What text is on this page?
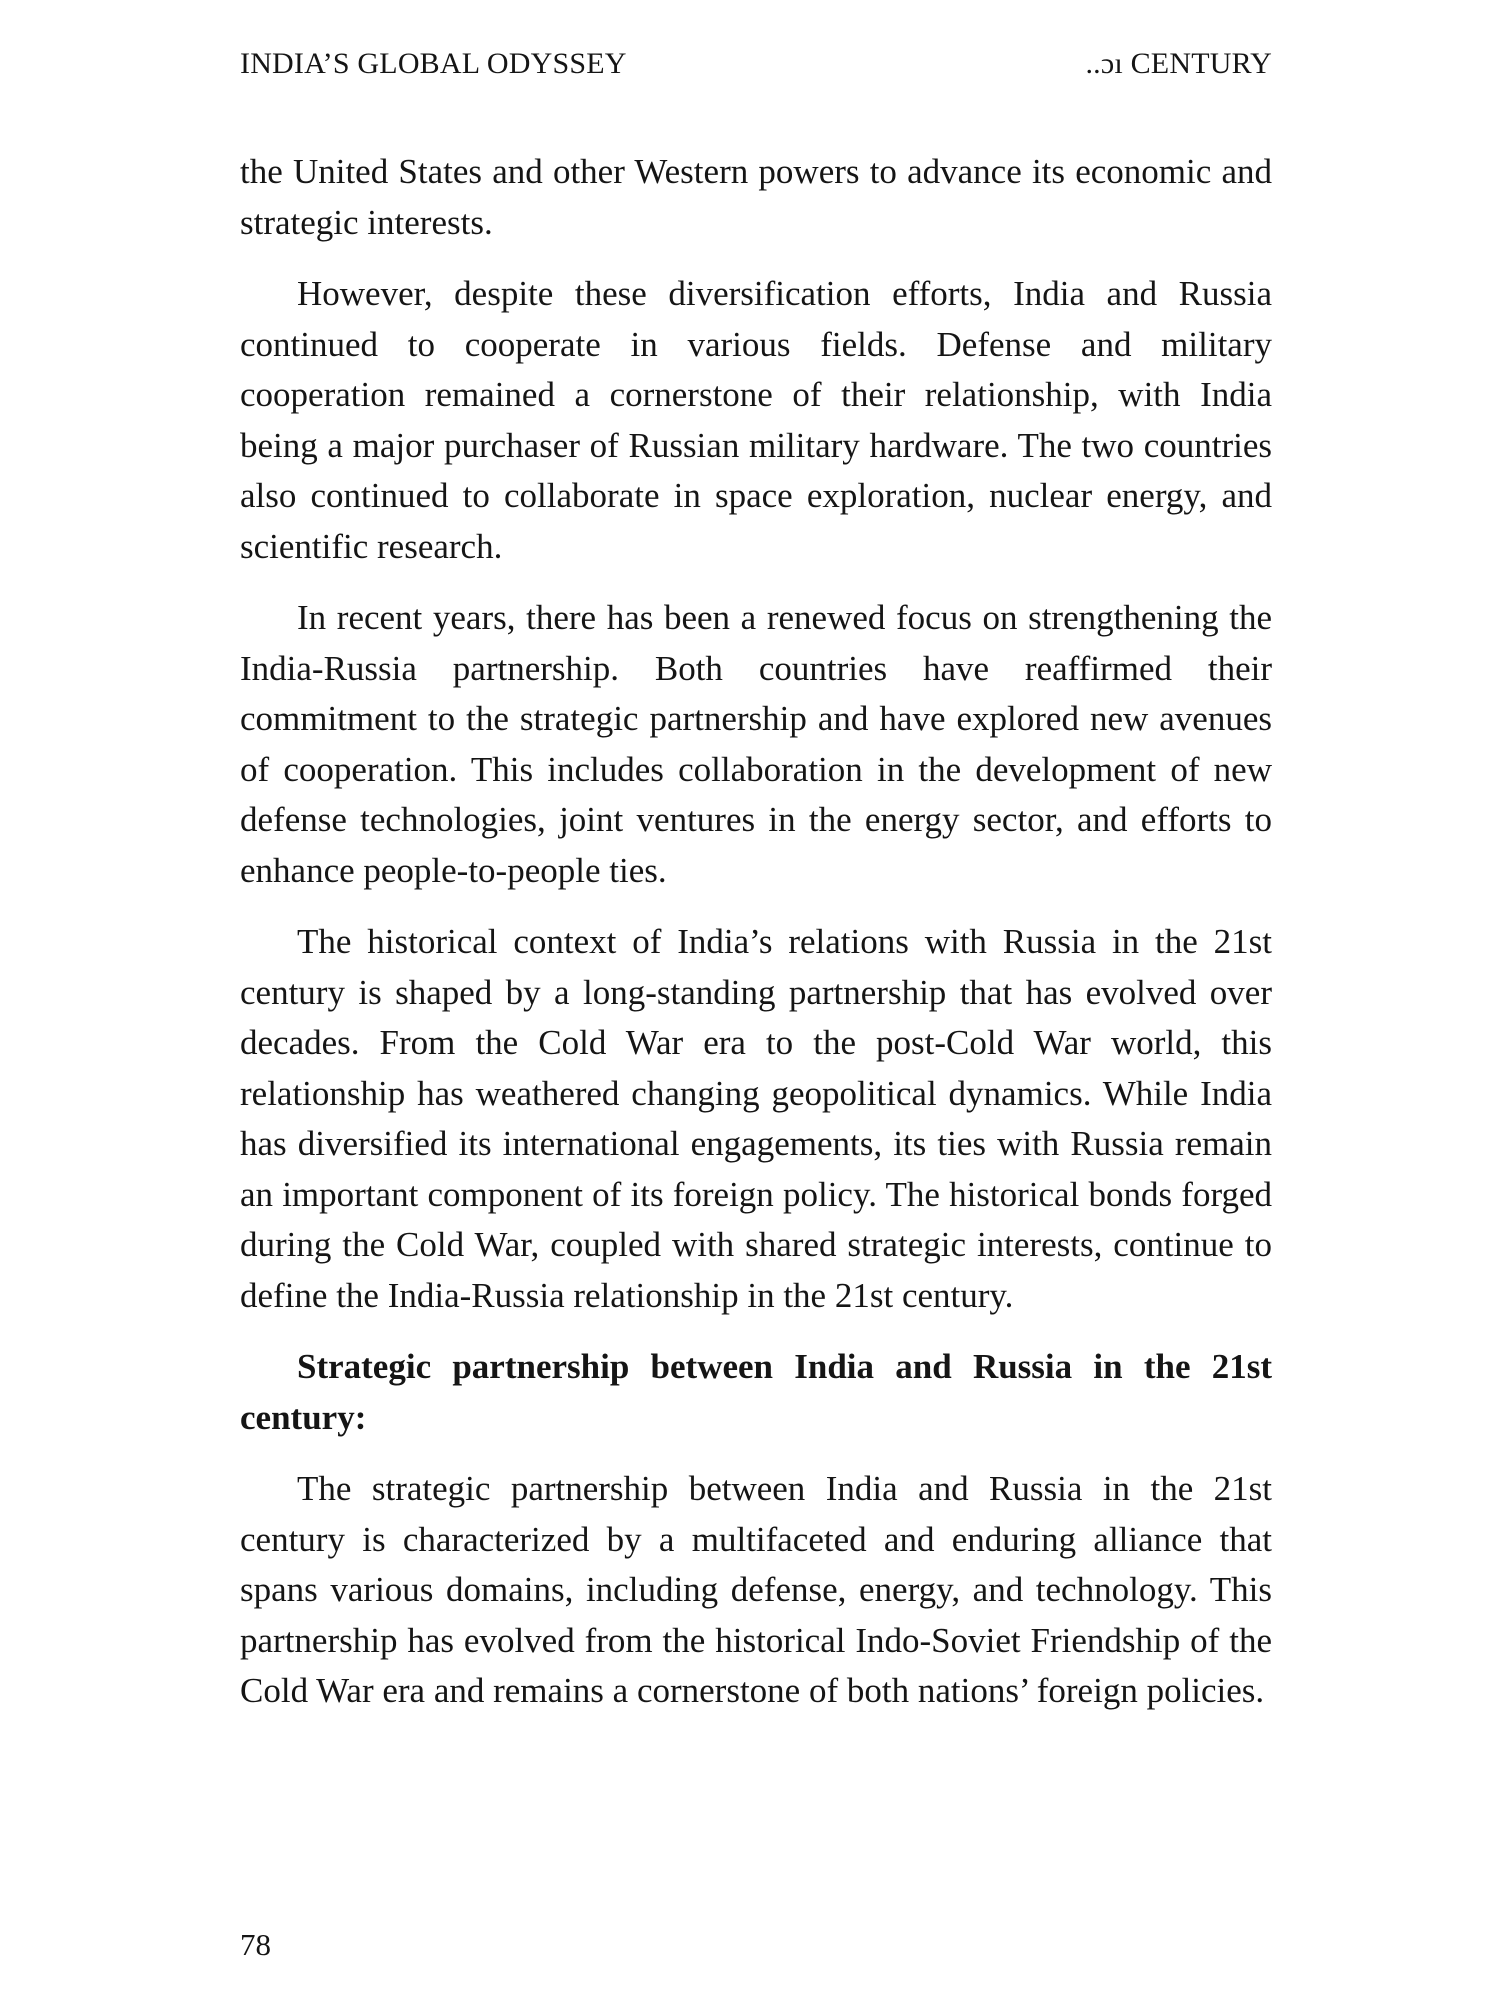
INDIA’S GLOBAL ODYSSEY	..ɔı CENTURY

the United States and other Western powers to advance its economic and strategic interests.

However, despite these diversification efforts, India and Russia continued to cooperate in various fields. Defense and military cooperation remained a cornerstone of their relationship, with India being a major purchaser of Russian military hardware. The two countries also continued to collaborate in space exploration, nuclear energy, and scientific research.

In recent years, there has been a renewed focus on strengthening the India-Russia partnership. Both countries have reaffirmed their commitment to the strategic partnership and have explored new avenues of cooperation. This includes collaboration in the development of new defense technologies, joint ventures in the energy sector, and efforts to enhance people-to-people ties.

The historical context of India’s relations with Russia in the 21st century is shaped by a long-standing partnership that has evolved over decades. From the Cold War era to the post-Cold War world, this relationship has weathered changing geopolitical dynamics. While India has diversified its international engagements, its ties with Russia remain an important component of its foreign policy. The historical bonds forged during the Cold War, coupled with shared strategic interests, continue to define the India-Russia relationship in the 21st century.

Strategic partnership between India and Russia in the 21st century:

The strategic partnership between India and Russia in the 21st century is characterized by a multifaceted and enduring alliance that spans various domains, including defense, energy, and technology. This partnership has evolved from the historical Indo-Soviet Friendship of the Cold War era and remains a cornerstone of both nations’ foreign policies.

78
